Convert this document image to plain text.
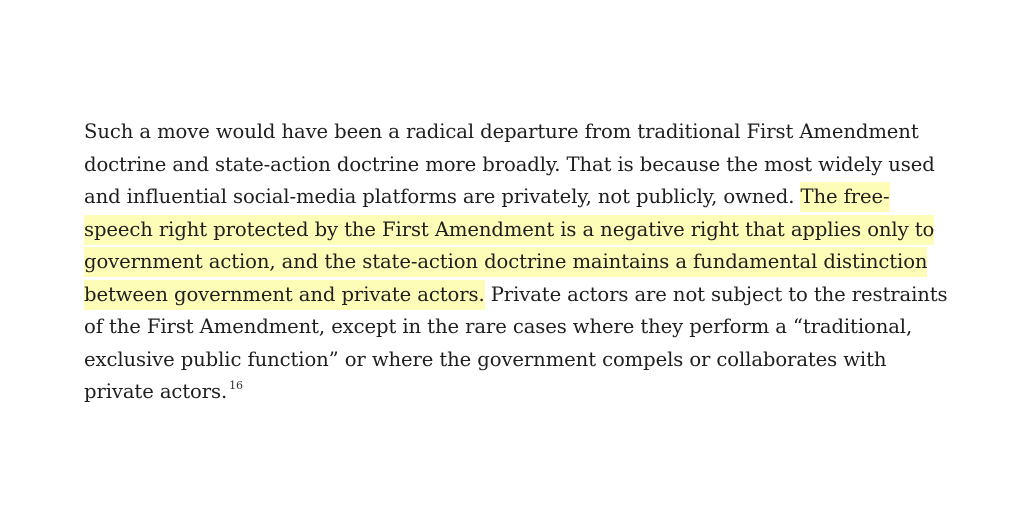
Such a move would have been a radical departure from traditional First Amendment
doctrine and state-action doctrine more broadly. That is because the most widely used
and influential social-media platforms are privately, not publicly, owned. The free-
speech right protected by the First Amendment is a negative right that applies only to
government action, and the state-action doctrine maintains a fundamental distinction
between government and private actors. Private actors are not subject to the restraints
of the First Amendment, except in the rare cases where they perform a “traditional,
exclusive public function” or where the government compels or collaborates with
private actors. $^{16}$
